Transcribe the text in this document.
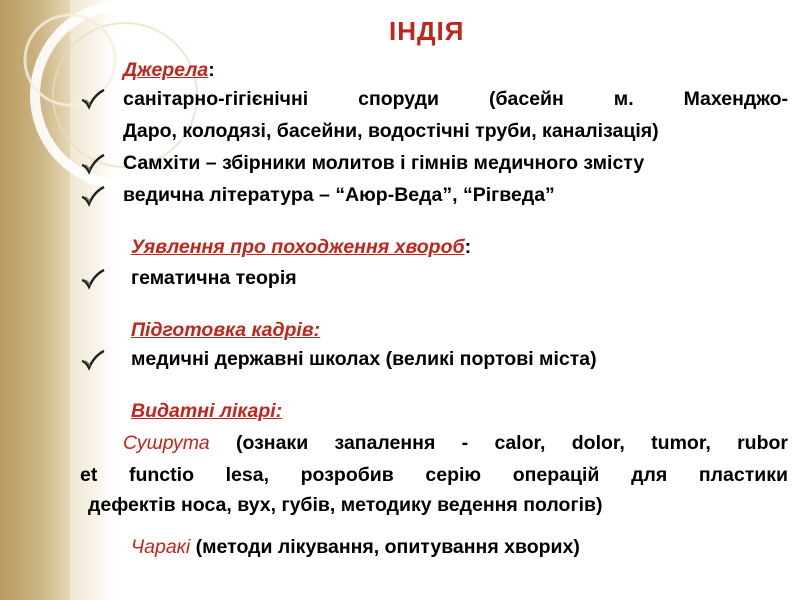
ІНДІЯ
Джерела:
санітарно-гігієнічні споруди (басейн м. Махенджо-
Даро, колодязі, басейни, водостічні труби, каналізація)
Самхіти – збірники молитов і гімнів медичного змісту
ведична література – “Аюр-Веда”, “Рігведа”
Уявлення про походження хвороб:
гематична теорія
Підготовка кадрів:
медичні державні школах (великі портові міста)
Видатні лікарі:
Сушрута (ознаки запалення - calor, dolor, tumor, rubor
et functio lesa, розробив серію операцій для пластики
дефектів носа, вух, губів, методику ведення пологів)
Чаракі (методи лікування, опитування хворих)
